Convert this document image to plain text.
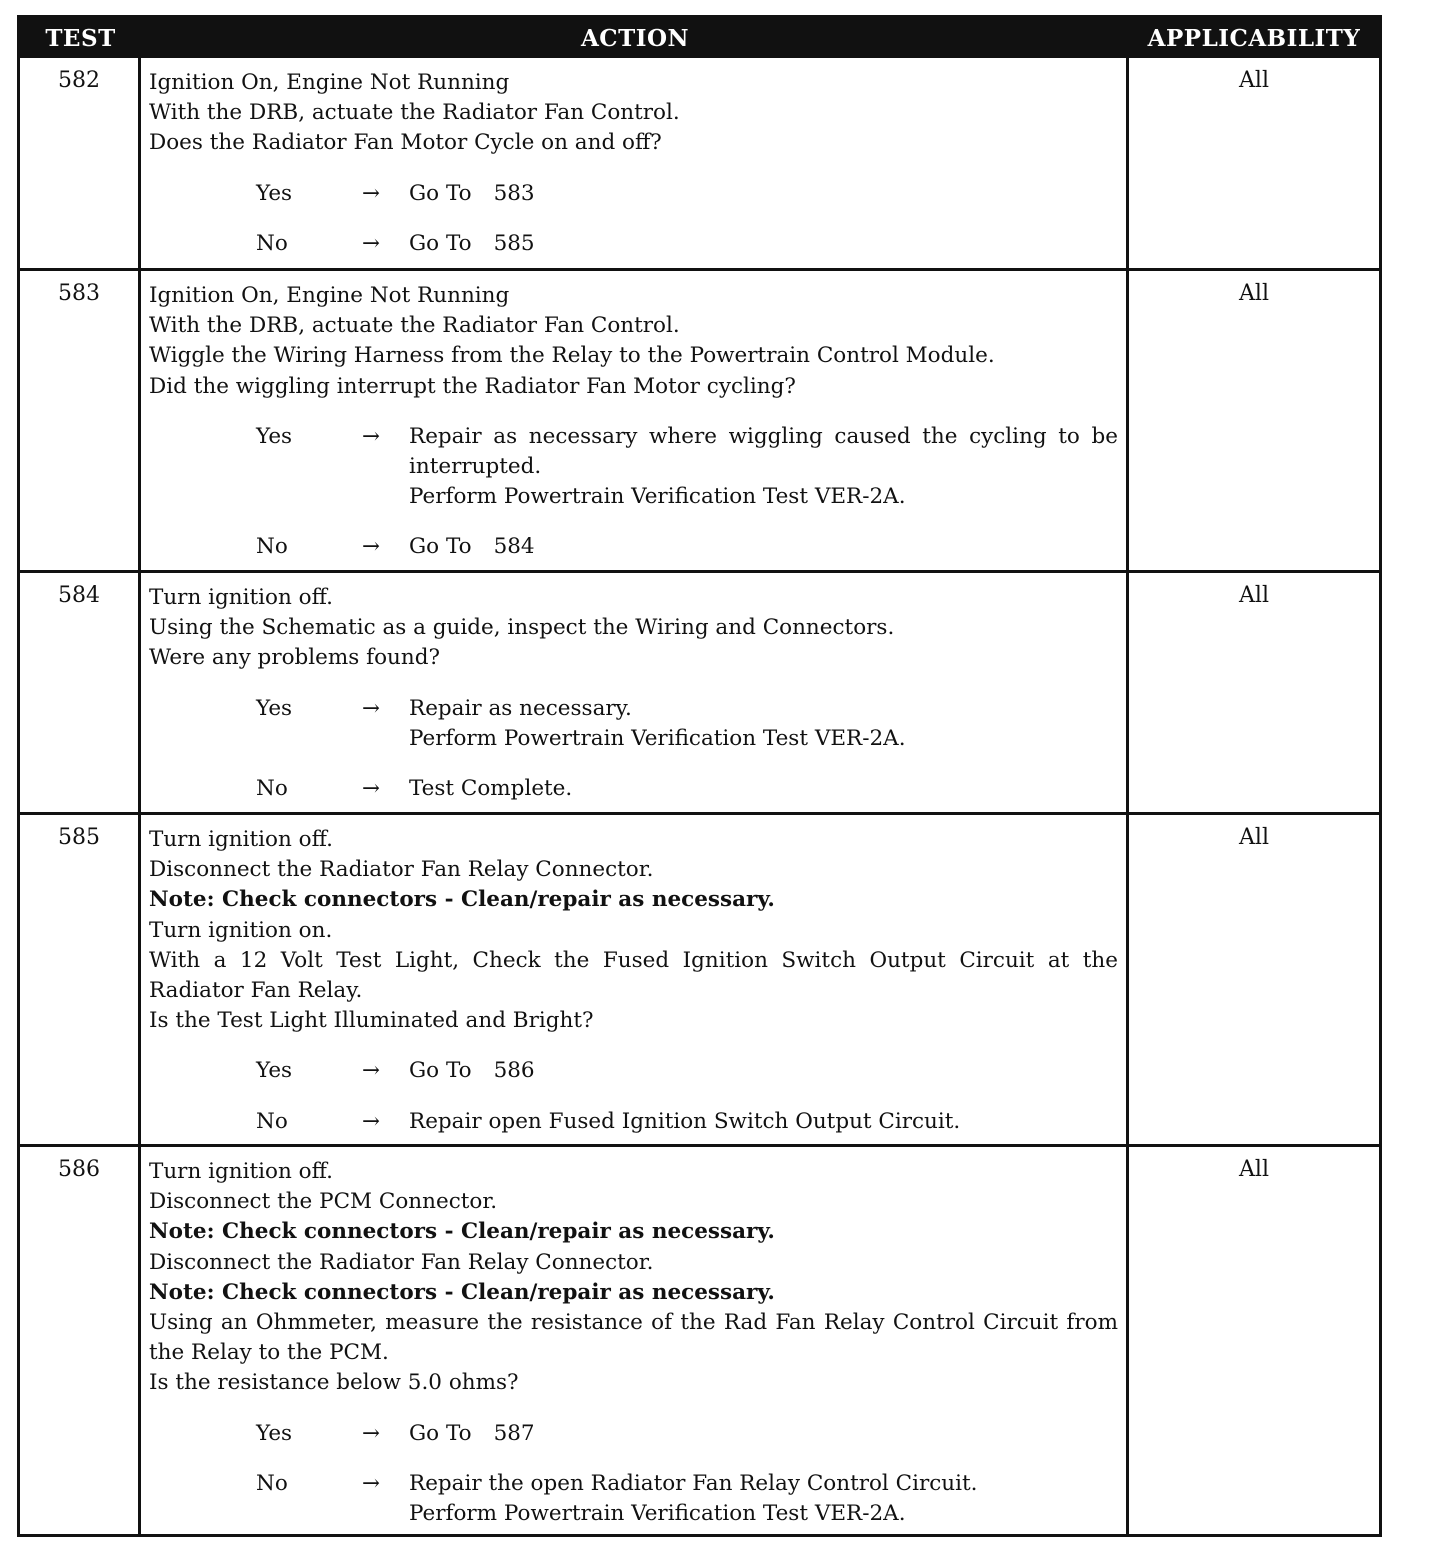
TEST	ACTION	APPLICABILITY
582	Ignition On, Engine Not Running
With the DRB, actuate the Radiator Fan Control.
Does the Radiator Fan Motor Cycle on and off?
Yes	→	Go To 583
No	→	Go To 585
All
583	Ignition On, Engine Not Running
With the DRB, actuate the Radiator Fan Control.
Wiggle the Wiring Harness from the Relay to the Powertrain Control Module.
Did the wiggling interrupt the Radiator Fan Motor cycling?
Yes	→	Repair as necessary where wiggling caused the cycling to be
interrupted.
Perform Powertrain Verification Test VER-2A.
No	→	Go To 584
All
584	Turn ignition off.
Using the Schematic as a guide, inspect the Wiring and Connectors.
Were any problems found?
Yes	→	Repair as necessary.
Perform Powertrain Verification Test VER-2A.
No	→	Test Complete.
All
585	Turn ignition off.
Disconnect the Radiator Fan Relay Connector.
Note: Check connectors - Clean/repair as necessary.
Turn ignition on.
With a 12 Volt Test Light, Check the Fused Ignition Switch Output Circuit at the Radiator Fan Relay.
Is the Test Light Illuminated and Bright?
Yes	→	Go To 586
No	→	Repair open Fused Ignition Switch Output Circuit.
All
586	Turn ignition off.
Disconnect the PCM Connector.
Note: Check connectors - Clean/repair as necessary.
Disconnect the Radiator Fan Relay Connector.
Note: Check connectors - Clean/repair as necessary.
Using an Ohmmeter, measure the resistance of the Rad Fan Relay Control Circuit from the Relay to the PCM.
Is the resistance below 5.0 ohms?
Yes	→	Go To 587
No	→	Repair the open Radiator Fan Relay Control Circuit.
Perform Powertrain Verification Test VER-2A.
All
